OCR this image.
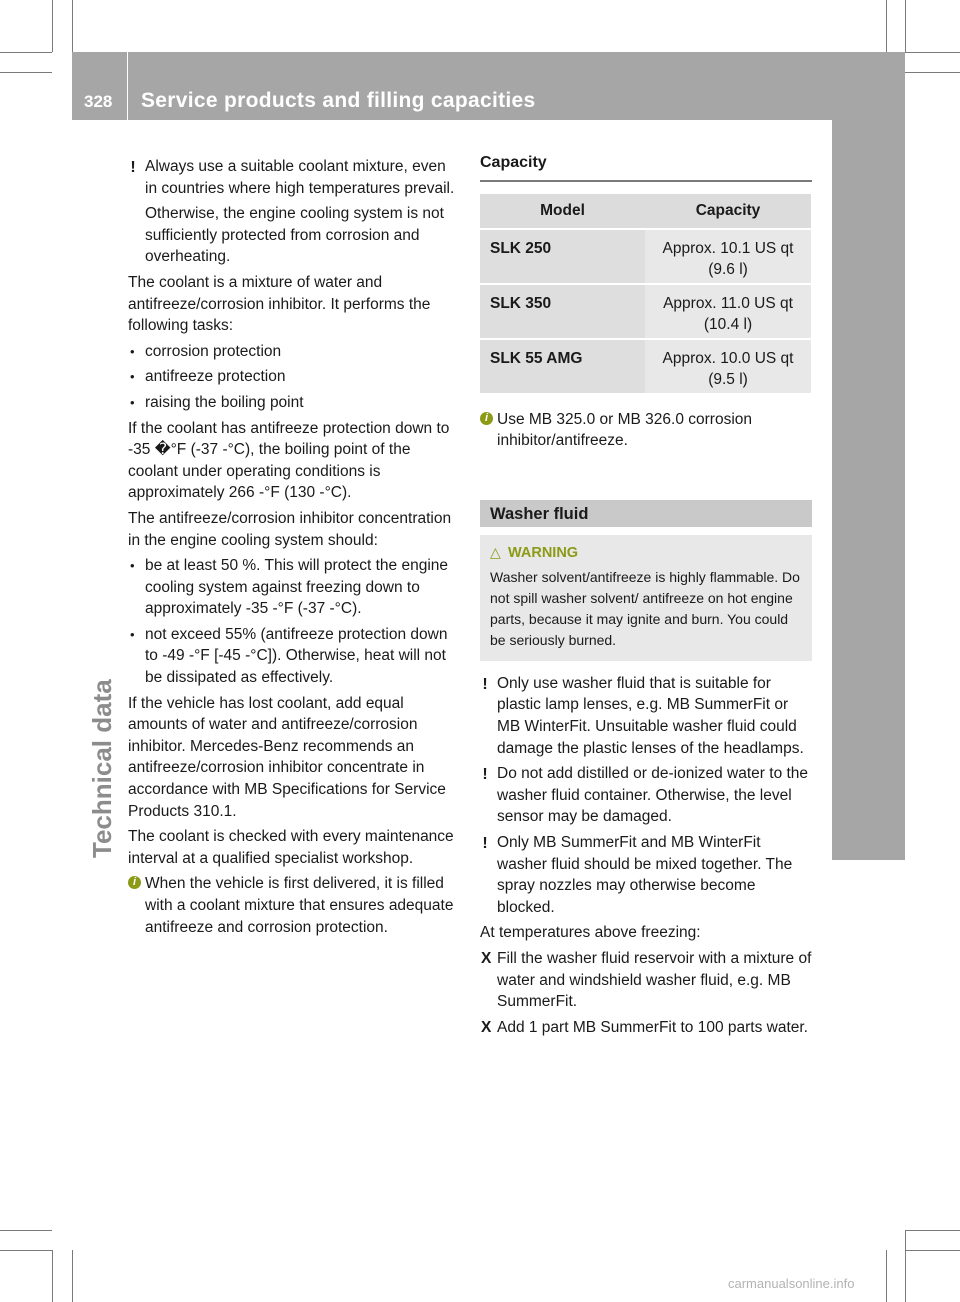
328 Service products and filling capacities
Technical data
! Always use a suitable coolant mixture, even in countries where high temperatures prevail.
Otherwise, the engine cooling system is not sufficiently protected from corrosion and overheating.
The coolant is a mixture of water and antifreeze/corrosion inhibitor. It performs the following tasks:
• corrosion protection
• antifreeze protection
• raising the boiling point
If the coolant has antifreeze protection down to -35 �°F (-37 ‑°C), the boiling point of the coolant under operating conditions is approximately 266 ‑°F (130 ‑°C).
The antifreeze/corrosion inhibitor concentration in the engine cooling system should:
• be at least 50 %. This will protect the engine cooling system against freezing down to approximately -35 ‑°F (-37 ‑°C).
• not exceed 55% (antifreeze protection down to -49 ‑°F [-45 ‑°C]). Otherwise, heat will not be dissipated as effectively.
If the vehicle has lost coolant, add equal amounts of water and antifreeze/corrosion inhibitor. Mercedes-Benz recommends an antifreeze/corrosion inhibitor concentrate in accordance with MB Specifications for Service Products 310.1.
The coolant is checked with every maintenance interval at a qualified specialist workshop.
i When the vehicle is first delivered, it is filled with a coolant mixture that ensures adequate antifreeze and corrosion protection.
Capacity
Model	Capacity
SLK 250	Approx. 10.1 US qt
(9.6 l)

SLK 350	Approx. 11.0 US qt
(10.4 l)

SLK 55 AMG	Approx. 10.0 US qt
(9.5 l)
i Use MB 325.0 or MB 326.0 corrosion inhibitor/antifreeze.
Washer fluid
△ WARNING
Washer solvent/antifreeze is highly flammable. Do not spill washer solvent/ antifreeze on hot engine parts, because it may ignite and burn. You could be seriously burned.
! Only use washer fluid that is suitable for plastic lamp lenses, e.g. MB SummerFit or MB WinterFit. Unsuitable washer fluid could damage the plastic lenses of the headlamps.
! Do not add distilled or de-ionized water to the washer fluid container. Otherwise, the level sensor may be damaged.
! Only MB SummerFit and MB WinterFit washer fluid should be mixed together. The spray nozzles may otherwise become blocked.
At temperatures above freezing:
X Fill the washer fluid reservoir with a mixture of water and windshield washer fluid, e.g. MB SummerFit.
X Add 1 part MB SummerFit to 100 parts water.
carmanualsonline.info
